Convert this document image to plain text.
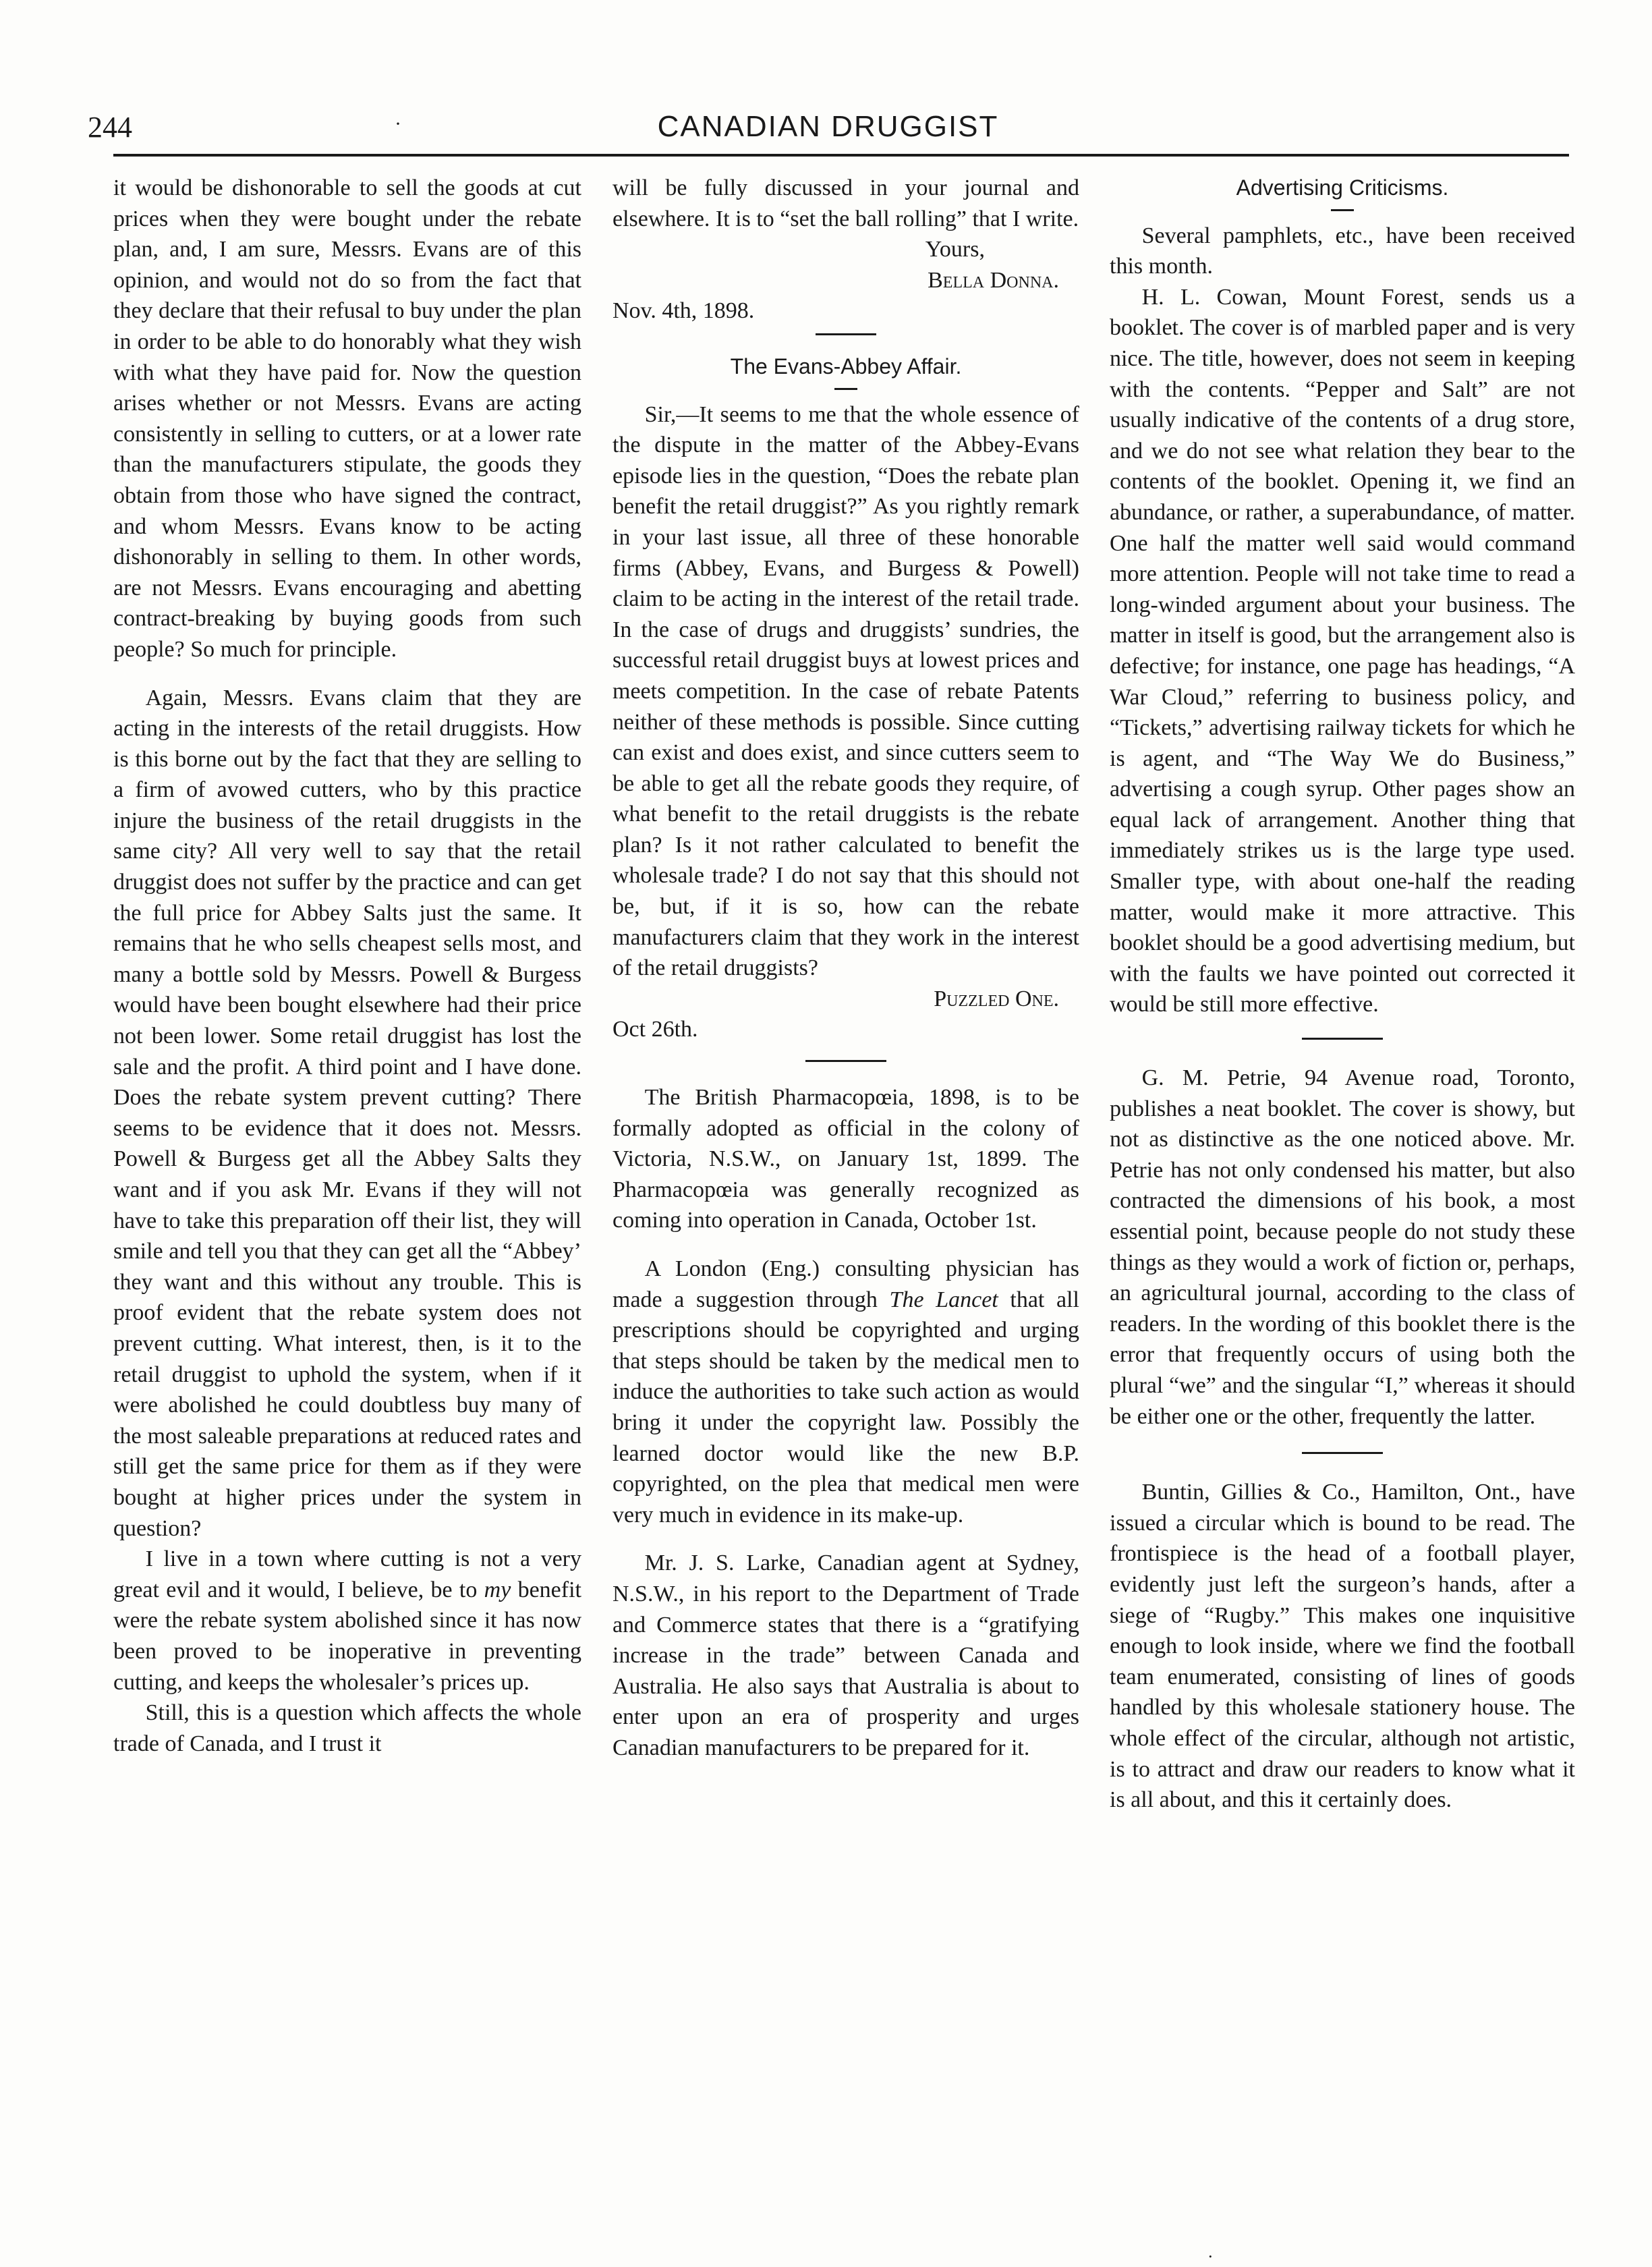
244	·	CANADIAN DRUGGIST

it would be dishonorable to sell the goods at cut prices when they were bought under the rebate plan, and, I am sure, Messrs. Evans are of this opinion, and would not do so from the fact that they declare that their refusal to buy under the plan in order to be able to do honorably what they wish with what they have paid for. Now the question arises whether or not Messrs. Evans are acting consistently in selling to cutters, or at a lower rate than the manufacturers stipulate, the goods they obtain from those who have signed the contract, and whom Messrs. Evans know to be acting dishonorably in selling to them. In other words, are not Messrs. Evans encouraging and abetting contract-breaking by buying goods from such people? So much for principle.

Again, Messrs. Evans claim that they are acting in the interests of the retail druggists. How is this borne out by the fact that they are selling to a firm of avowed cutters, who by this practice injure the business of the retail druggists in the same city? All very well to say that the retail druggist does not suffer by the practice and can get the full price for Abbey Salts just the same. It remains that he who sells cheapest sells most, and many a bottle sold by Messrs. Powell & Burgess would have been bought elsewhere had their price not been lower. Some retail druggist has lost the sale and the profit. A third point and I have done. Does the rebate system prevent cutting? There seems to be evidence that it does not. Messrs. Powell & Burgess get all the Abbey Salts they want and if you ask Mr. Evans if they will not have to take this preparation off their list, they will smile and tell you that they can get all the “Abbey’ they want and this without any trouble. This is proof evident that the rebate system does not prevent cutting. What interest, then, is it to the retail druggist to uphold the system, when if it were abolished he could doubtless buy many of the most saleable preparations at reduced rates and still get the same price for them as if they were bought at higher prices under the system in question?

I live in a town where cutting is not a very great evil and it would, I believe, be to my benefit were the rebate system abolished since it has now been proved to be inoperative in preventing cutting, and keeps the wholesaler’s prices up.

Still, this is a question which affects the whole trade of Canada, and I trust it

will be fully discussed in your journal and elsewhere. It is to “set the ball rolling” that I write.

Yours,
Bella Donna.
Nov. 4th, 1898.
The Evans-Abbey Affair.

Sir,—It seems to me that the whole essence of the dispute in the matter of the Abbey-Evans episode lies in the question, “Does the rebate plan benefit the retail druggist?” As you rightly remark in your last issue, all three of these honorable firms (Abbey, Evans, and Burgess & Powell) claim to be acting in the interest of the retail trade. In the case of drugs and druggists’ sundries, the successful retail druggist buys at lowest prices and meets competition. In the case of rebate Patents neither of these methods is possible. Since cutting can exist and does exist, and since cutters seem to be able to get all the rebate goods they require, of what benefit to the retail druggists is the rebate plan? Is it not rather calculated to benefit the wholesale trade? I do not say that this should not be, but, if it is so, how can the rebate manufacturers claim that they work in the interest of the retail druggists?

Puzzled One.
Oct 26th.

The British Pharmacopœia, 1898, is to be formally adopted as official in the colony of Victoria, N.S.W., on January 1st, 1899. The Pharmacopœia was generally recognized as coming into operation in Canada, October 1st.

A London (Eng.) consulting physician has made a suggestion through The Lancet that all prescriptions should be copyrighted and urging that steps should be taken by the medical men to induce the authorities to take such action as would bring it under the copyright law. Possibly the learned doctor would like the new B.P. copyrighted, on the plea that medical men were very much in evidence in its make-up.

Mr. J. S. Larke, Canadian agent at Sydney, N.S.W., in his report to the Department of Trade and Commerce states that there is a “gratifying increase in the trade” between Canada and Australia. He also says that Australia is about to enter upon an era of prosperity and urges Canadian manufacturers to be prepared for it.

Advertising Criticisms.

Several pamphlets, etc., have been received this month.

H. L. Cowan, Mount Forest, sends us a booklet. The cover is of marbled paper and is very nice. The title, however, does not seem in keeping with the contents. “Pepper and Salt” are not usually indicative of the contents of a drug store, and we do not see what relation they bear to the contents of the booklet. Opening it, we find an abundance, or rather, a superabundance, of matter. One half the matter well said would command more attention. People will not take time to read a long-winded argument about your business. The matter in itself is good, but the arrangement also is defective; for instance, one page has headings, “A War Cloud,” referring to business policy, and “Tickets,” advertising railway tickets for which he is agent, and “The Way We do Business,” advertising a cough syrup. Other pages show an equal lack of arrangement. Another thing that immediately strikes us is the large type used. Smaller type, with about one-half the reading matter, would make it more attractive. This booklet should be a good advertising medium, but with the faults we have pointed out corrected it would be still more effective.

G. M. Petrie, 94 Avenue road, Toronto, publishes a neat booklet. The cover is showy, but not as distinctive as the one noticed above. Mr. Petrie has not only condensed his matter, but also contracted the dimensions of his book, a most essential point, because people do not study these things as they would a work of fiction or, perhaps, an agricultural journal, according to the class of readers. In the wording of this booklet there is the error that frequently occurs of using both the plural “we” and the singular “I,” whereas it should be either one or the other, frequently the latter.

Buntin, Gillies & Co., Hamilton, Ont., have issued a circular which is bound to be read. The frontispiece is the head of a football player, evidently just left the surgeon’s hands, after a siege of “Rugby.” This makes one inquisitive enough to look inside, where we find the football team enumerated, consisting of lines of goods handled by this wholesale stationery house. The whole effect of the circular, although not artistic, is to attract and draw our readers to know what it is all about, and this it certainly does.

·
